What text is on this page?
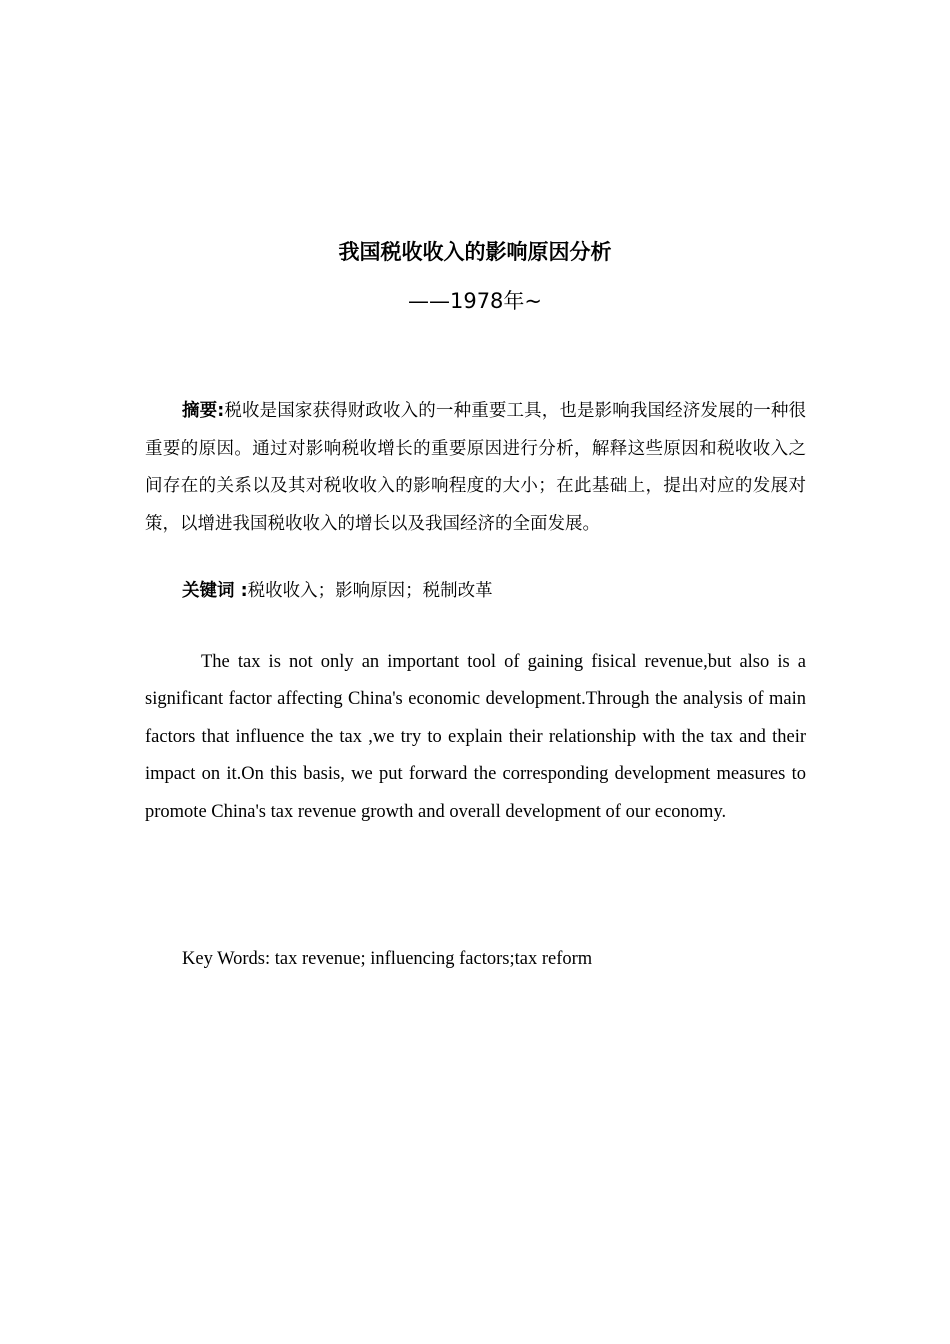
我国税收收入的影响原因分析
——1978年~
摘要:税收是国家获得财政收入的一种重要工具，也是影响我国经济发展的一种很重要的原因。通过对影响税收增长的重要原因进行分析，解释这些原因和税收收入之间存在的关系以及其对税收收入的影响程度的大小；在此基础上，提出对应的发展对策，以增进我国税收收入的增长以及我国经济的全面发展。
关键词 :税收收入；影响原因；税制改革
The tax is not only an important tool of gaining fisical revenue,but also is a significant factor affecting China's economic development.Through the analysis of main factors that influence the tax ,we try to explain their relationship with the tax and their impact on it.On this basis, we put forward the corresponding development measures to promote China's tax revenue growth and overall development of our economy.
Key Words: tax revenue; influencing factors;tax reform
